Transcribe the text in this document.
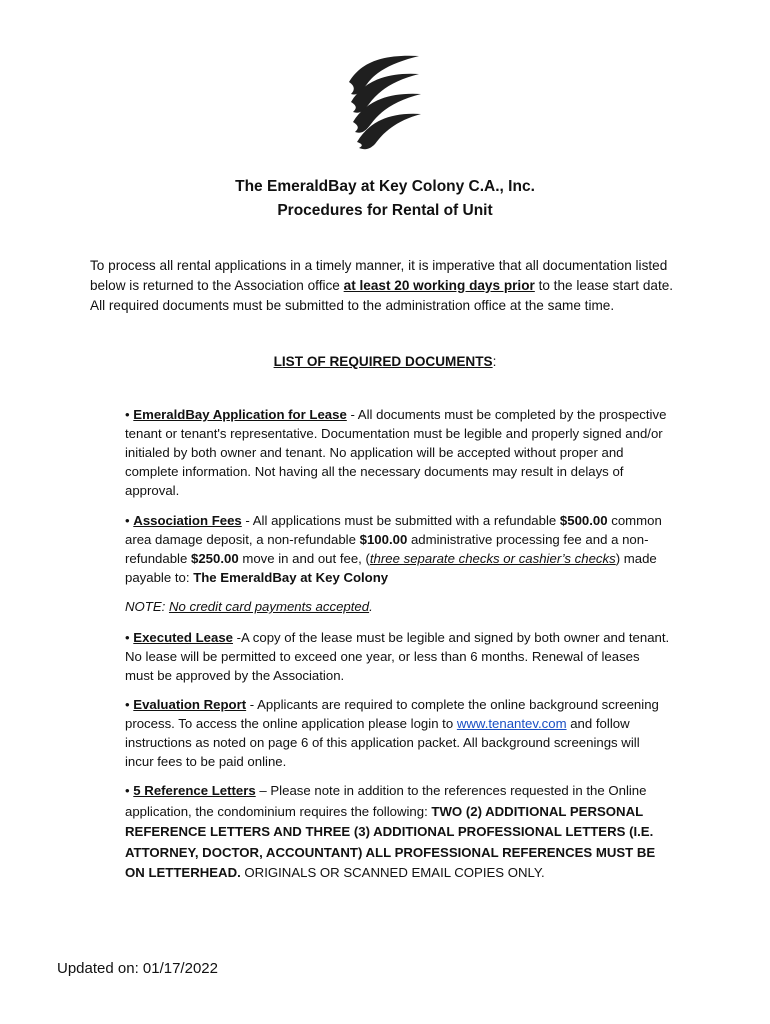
The EmeraldBay at Key Colony C.A., Inc.
Procedures for Rental of Unit
To process all rental applications in a timely manner, it is imperative that all documentation listed below is returned to the Association office at least 20 working days prior to the lease start date. All required documents must be submitted to the administration office at the same time.
LIST OF REQUIRED DOCUMENTS:
• EmeraldBay Application for Lease - All documents must be completed by the prospective tenant or tenant's representative. Documentation must be legible and properly signed and/or initialed by both owner and tenant. No application will be accepted without proper and complete information. Not having all the necessary documents may result in delays of approval.
• Association Fees - All applications must be submitted with a refundable $500.00 common area damage deposit, a non-refundable $100.00 administrative processing fee and a non-refundable $250.00 move in and out fee, (three separate checks or cashier’s checks) made payable to: The EmeraldBay at Key Colony
NOTE: No credit card payments accepted.
• Executed Lease -A copy of the lease must be legible and signed by both owner and tenant. No lease will be permitted to exceed one year, or less than 6 months. Renewal of leases must be approved by the Association.
• Evaluation Report - Applicants are required to complete the online background screening process. To access the online application please login to www.tenantev.com and follow instructions as noted on page 6 of this application packet. All background screenings will incur fees to be paid online.
• 5 Reference Letters – Please note in addition to the references requested in the Online application, the condominium requires the following: TWO (2) ADDITIONAL PERSONAL REFERENCE LETTERS AND THREE (3) ADDITIONAL PROFESSIONAL LETTERS (I.E. ATTORNEY, DOCTOR, ACCOUNTANT) ALL PROFESSIONAL REFERENCES MUST BE ON LETTERHEAD. ORIGINALS OR SCANNED EMAIL COPIES ONLY.
Updated on: 01/17/2022
